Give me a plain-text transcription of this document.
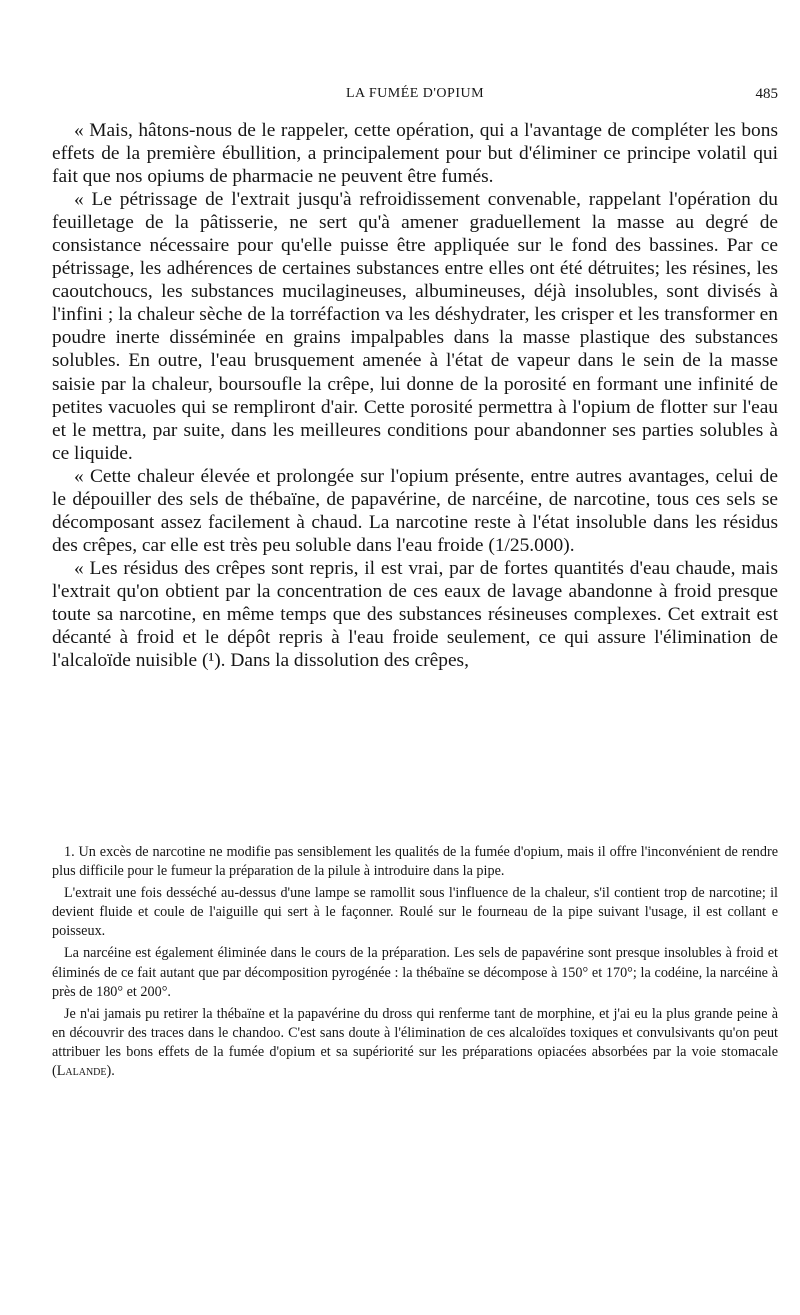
LA FUMÉE D'OPIUM	485

« Mais, hâtons-nous de le rappeler, cette opération, qui a l'avantage de compléter les bons effets de la première ébullition, a principalement pour but d'éliminer ce principe volatil qui fait que nos opiums de pharmacie ne peuvent être fumés.

« Le pétrissage de l'extrait jusqu'à refroidissement convenable, rappelant l'opération du feuilletage de la pâtisserie, ne sert qu'à amener graduellement la masse au degré de consistance nécessaire pour qu'elle puisse être appliquée sur le fond des bassines. Par ce pétrissage, les adhérences de certaines substances entre elles ont été détruites; les résines, les caoutchoucs, les substances mucilagineuses, albumineuses, déjà insolubles, sont divisés à l'infini ; la chaleur sèche de la torréfaction va les déshydrater, les crisper et les transformer en poudre inerte disséminée en grains impalpables dans la masse plastique des substances solubles. En outre, l'eau brusquement amenée à l'état de vapeur dans le sein de la masse saisie par la chaleur, boursoufle la crêpe, lui donne de la porosité en formant une infinité de petites vacuoles qui se rempliront d'air. Cette porosité permettra à l'opium de flotter sur l'eau et le mettra, par suite, dans les meilleures conditions pour abandonner ses parties solubles à ce liquide.

« Cette chaleur élevée et prolongée sur l'opium présente, entre autres avantages, celui de le dépouiller des sels de thébaïne, de papavérine, de narcéine, de narcotine, tous ces sels se décomposant assez facilement à chaud. La narcotine reste à l'état insoluble dans les résidus des crêpes, car elle est très peu soluble dans l'eau froide (1/25.000).

« Les résidus des crêpes sont repris, il est vrai, par de fortes quantités d'eau chaude, mais l'extrait qu'on obtient par la concentration de ces eaux de lavage abandonne à froid presque toute sa narcotine, en même temps que des substances résineuses complexes. Cet extrait est décanté à froid et le dépôt repris à l'eau froide seulement, ce qui assure l'élimination de l'alcaloïde nuisible (¹). Dans la dissolution des crêpes,

1. Un excès de narcotine ne modifie pas sensiblement les qualités de la fumée d'opium, mais il offre l'inconvénient de rendre plus difficile pour le fumeur la préparation de la pilule à introduire dans la pipe.

L'extrait une fois desséché au-dessus d'une lampe se ramollit sous l'influence de la chaleur, s'il contient trop de narcotine; il devient fluide et coule de l'aiguille qui sert à le façonner. Roulé sur le fourneau de la pipe suivant l'usage, il est collant e poisseux.

La narcéine est également éliminée dans le cours de la préparation. Les sels de papavérine sont presque insolubles à froid et éliminés de ce fait autant que par décomposition pyrogénée : la thébaïne se décompose à 150° et 170°; la codéine, la narcéine à près de 180° et 200°.

Je n'ai jamais pu retirer la thébaïne et la papavérine du dross qui renferme tant de morphine, et j'ai eu la plus grande peine à en découvrir des traces dans le chandoo. C'est sans doute à l'élimination de ces alcaloïdes toxiques et convulsivants qu'on peut attribuer les bons effets de la fumée d'opium et sa supériorité sur les préparations opiacées absorbées par la voie stomacale (Lalande).
